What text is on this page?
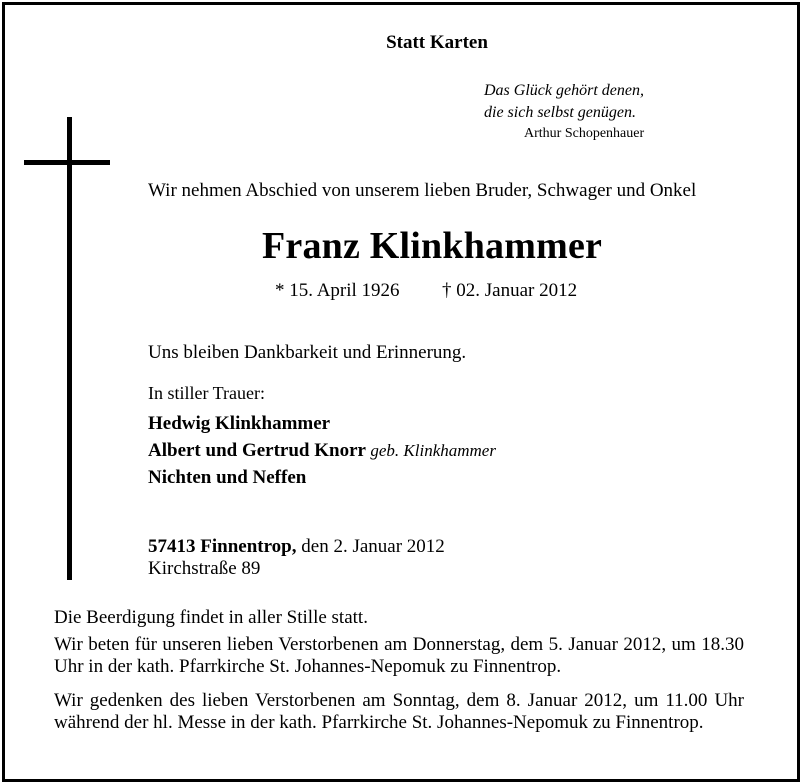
Statt Karten
Das Glück gehört denen,
die sich selbst genügen.
Arthur Schopenhauer
Wir nehmen Abschied von unserem lieben Bruder, Schwager und Onkel
Franz Klinkhammer
* 15. April 1926 † 02. Januar 2012
Uns bleiben Dankbarkeit und Erinnerung.
In stiller Trauer:
Hedwig Klinkhammer
Albert und Gertrud Knorr geb. Klinkhammer
Nichten und Neffen
57413 Finnentrop, den 2. Januar 2012
Kirchstraße 89
Die Beerdigung findet in aller Stille statt.
Wir beten für unseren lieben Verstorbenen am Donnerstag, dem 5. Januar 2012, um 18.30 Uhr in der kath. Pfarrkirche St. Johannes-Nepomuk zu Finnentrop.
Wir gedenken des lieben Verstorbenen am Sonntag, dem 8. Januar 2012, um 11.00 Uhr während der hl. Messe in der kath. Pfarrkirche St. Johannes-Nepomuk zu Finnentrop.
